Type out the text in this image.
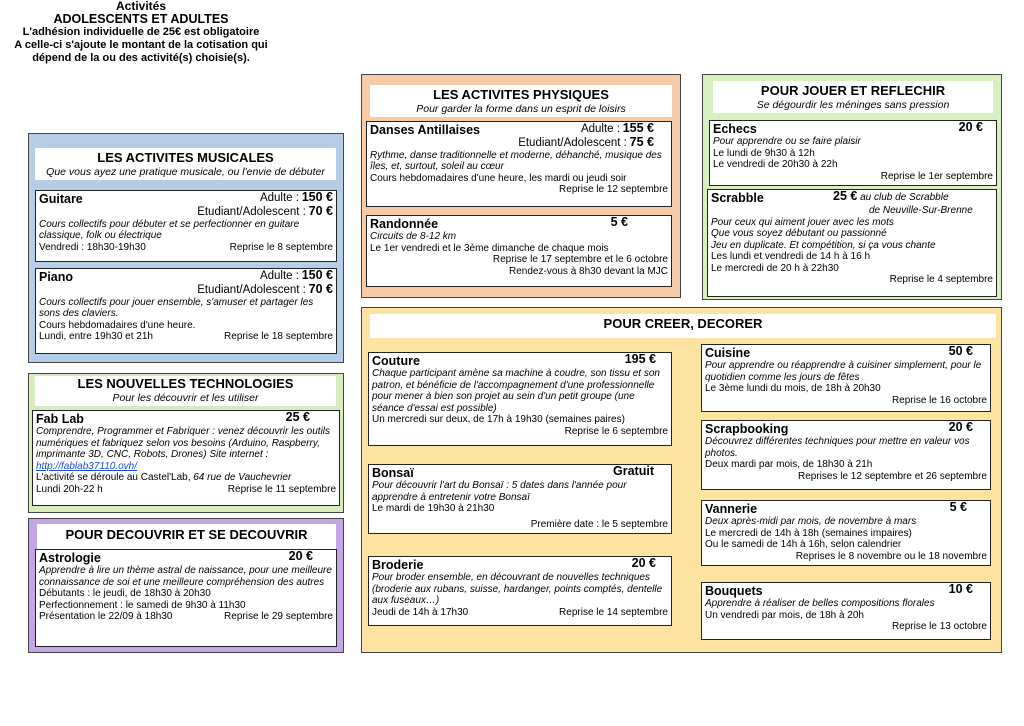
Activités
ADOLESCENTS ET ADULTES
L'adhésion individuelle de 25€ est obligatoire
A celle-ci s'ajoute le montant de la cotisation qui
dépend de la ou des activité(s) choisie(s).
LES ACTIVITES MUSICALES
Que vous ayez une pratique musicale, ou l'envie de débuter
Guitare	Adulte : 150 €
Etudiant/Adolescent : 70 €
Cours collectifs pour débuter et se perfectionner en guitare classique, folk ou électrique
Vendredi : 18h30-19h30	Reprise le 8 septembre
Piano	Adulte : 150 €
Etudiant/Adolescent : 70 €
Cours collectifs pour jouer ensemble, s'amuser et partager les sons des claviers.
Cours hebdomadaires d'une heure.
Lundi, entre 19h30 et 21h	Reprise le 18 septembre
LES NOUVELLES TECHNOLOGIES
Pour les découvrir et les utiliser
Fab Lab	25 €
Comprendre, Programmer et Fabriquer : venez découvrir les outils numériques et fabriquez selon vos besoins (Arduino, Raspberry, imprimante 3D, CNC, Robots, Drones) Site internet : http://fablab37110.ovh/
L'activité se déroule au Castel'Lab, 64 rue de Vauchevrier
Lundi 20h-22 h	Reprise le 11 septembre
POUR DECOUVRIR ET SE DECOUVRIR
Astrologie	20 €
Apprendre à lire un thème astral de naissance, pour une meilleure connaissance de soi et une meilleure compréhension des autres
Débutants : le jeudi, de 18h30 à 20h30
Perfectionnement : le samedi de 9h30 à 11h30
Présentation le 22/09 à 18h30	Reprise le 29 septembre
LES ACTIVITES PHYSIQUES
Pour garder la forme dans un esprit de loisirs
Danses Antillaises	Adulte : 155 €
Etudiant/Adolescent : 75 €
Rythme, danse traditionnelle et moderne, déhanché, musique des îles, et, surtout, soleil au cœur
Cours hebdomadaires d'une heure, les mardi ou jeudi soir
Reprise le 12 septembre
Randonnée	5 €
Circuits de 8-12 km
Le 1er vendredi et le 3ème dimanche de chaque mois
Reprise le 17 septembre et le 6 octobre
Rendez-vous à 8h30 devant la MJC
POUR JOUER ET REFLECHIR
Se dégourdir les méninges sans pression
Echecs	20 €
Pour apprendre ou se faire plaisir
Le lundi de 9h30 à 12h
Le vendredi de 20h30 à 22h
Reprise le 1er septembre
Scrabble	25 € au club de Scrabble
de Neuville-Sur-Brenne
Pour ceux qui aiment jouer avec les mots
Que vous soyez débutant ou passionné
Jeu en duplicate. Et compétition, si ça vous chante
Les lundi et vendredi de 14 h à 16 h
Le mercredi de 20 h à 22h30
Reprise le 4 septembre
POUR CREER, DECORER
Couture	195 €
Chaque participant amène sa machine à coudre, son tissu et son patron, et bénéficie de l'accompagnement d'une professionnelle pour mener à bien son projet au sein d'un petit groupe (une séance d'essai est possible)
Un mercredi sur deux, de 17h à 19h30 (semaines paires)
Reprise le 6 septembre
Bonsaï	Gratuit
Pour découvrir l'art du Bonsaï : 5 dates dans l'année pour apprendre à entretenir votre Bonsaï
Le mardi de 19h30 à 21h30
Première date : le 5 septembre
Broderie	20 €
Pour broder ensemble, en découvrant de nouvelles techniques (broderie aux rubans, suisse, hardanger, points comptés, dentelle aux fuseaux…)
Jeudi de 14h à 17h30	Reprise le 14 septembre
Cuisine	50 €
Pour apprendre ou réapprendre à cuisiner simplement, pour le quotidien comme les jours de fêtes
Le 3ème lundi du mois, de 18h à 20h30
Reprise le 16 octobre
Scrapbooking	20 €
Découvrez différentes techniques pour mettre en valeur vos photos.
Deux mardi par mois, de 18h30 à 21h
Reprises le 12 septembre et 26 septembre
Vannerie	5 €
Deux après-midi par mois, de novembre à mars
Le mercredi de 14h à 18h (semaines impaires)
Ou le samedi de 14h à 16h, selon calendrier
Reprises le 8 novembre ou le 18 novembre
Bouquets	10 €
Apprendre à réaliser de belles compositions florales
Un vendredi par mois, de 18h à 20h
Reprise le 13 octobre
